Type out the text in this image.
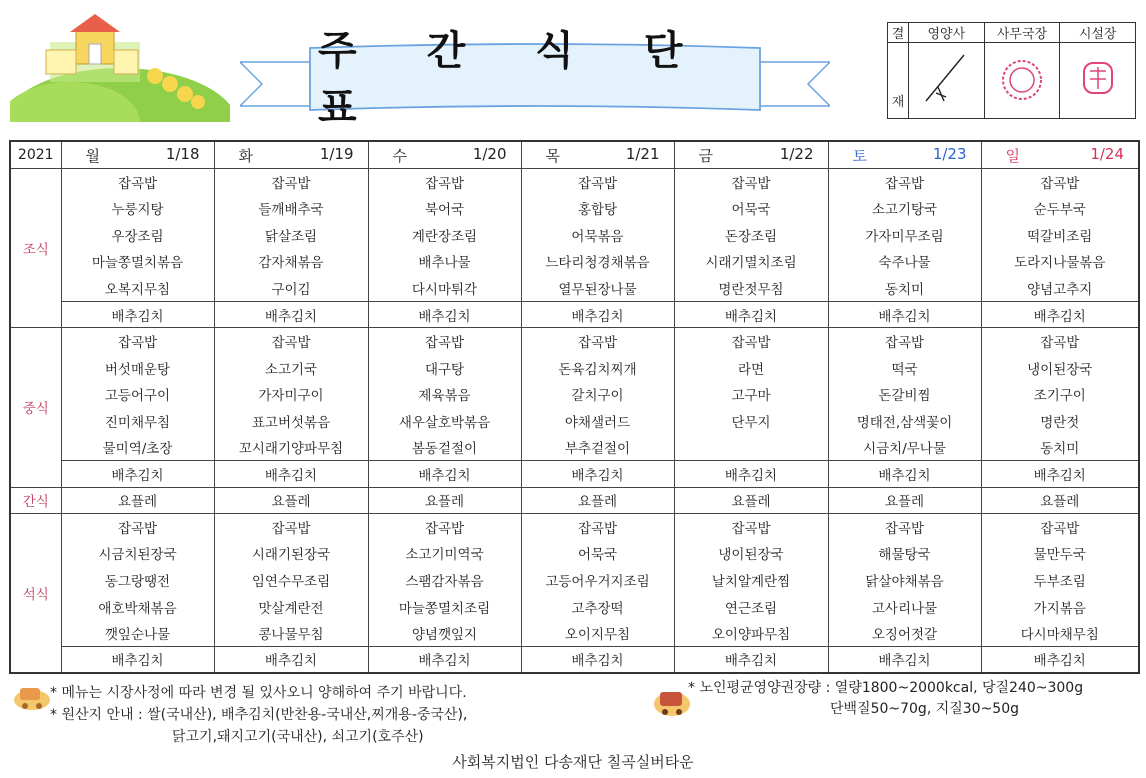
주 간 식 단 표
결	영양사	사무국장	시설장
재			
2021	월 1/18	화 1/19	수 1/20	목 1/21	금 1/22	토 1/23	일 1/24

조식	잡곡밥	잡곡밥	잡곡밥	잡곡밥	잡곡밥	잡곡밥	잡곡밥
	누룽지탕	들깨배추국	북어국	홍합탕	어묵국	소고기탕국	순두부국
	우장조림	닭살조림	계란장조림	어묵볶음	돈장조림	가자미무조림	떡갈비조림
	마늘쫑멸치볶음	감자채볶음	배추나물	느타리청경채볶음	시래기멸치조림	숙주나물	도라지나물볶음
	오복지무침	구이김	다시마튀각	열무된장나물	명란젓무침	동치미	양념고추지
	배추김치	배추김치	배추김치	배추김치	배추김치	배추김치	배추김치
중식	잡곡밥	잡곡밥	잡곡밥	잡곡밥	잡곡밥	잡곡밥	잡곡밥
	버섯매운탕	소고기국	대구탕	돈육김치찌개	라면	떡국	냉이된장국
	고등어구이	가자미구이	제육볶음	갈치구이	고구마	돈갈비찜	조기구이
	진미채무침	표고버섯볶음	새우살호박볶음	야채샐러드	단무지	명태전,삼색꽃이	명란젓
	물미역/초장	꼬시래기양파무침	봄동겉절이	부추겉절이		시금치/무나물	동치미
	배추김치	배추김치	배추김치	배추김치	배추김치	배추김치	배추김치
간식	요플레	요플레	요플레	요플레	요플레	요플레	요플레
석식	잡곡밥	잡곡밥	잡곡밥	잡곡밥	잡곡밥	잡곡밥	잡곡밥
	시금치된장국	시래기된장국	소고기미역국	어묵국	냉이된장국	해물탕국	물만두국
	동그랑땡전	임연수무조림	스팸감자볶음	고등어우거지조림	날치알계란찜	닭살야채볶음	두부조림
	애호박채볶음	맛살계란전	마늘쫑멸치조림	고추장떡	연근조림	고사리나물	가지볶음
	깻잎순나물	콩나물무침	양념깻잎지	오이지무침	오이양파무침	오징어젓갈	다시마채무침
	배추김치	배추김치	배추김치	배추김치	배추김치	배추김치	배추김치
* 메뉴는 시장사정에 따라 변경 될 있사오니 양해하여 주기 바랍니다.
* 원산지 안내 : 쌀(국내산), 배추김치(반찬용-국내산,찌개용-중국산),
닭고기,돼지고기(국내산), 쇠고기(호주산)
* 노인평균영양권장량 : 열량1800~2000kcal, 당질240~300g
단백질50~70g, 지질30~50g
사회복지법인 다송재단 칠곡실버타운
